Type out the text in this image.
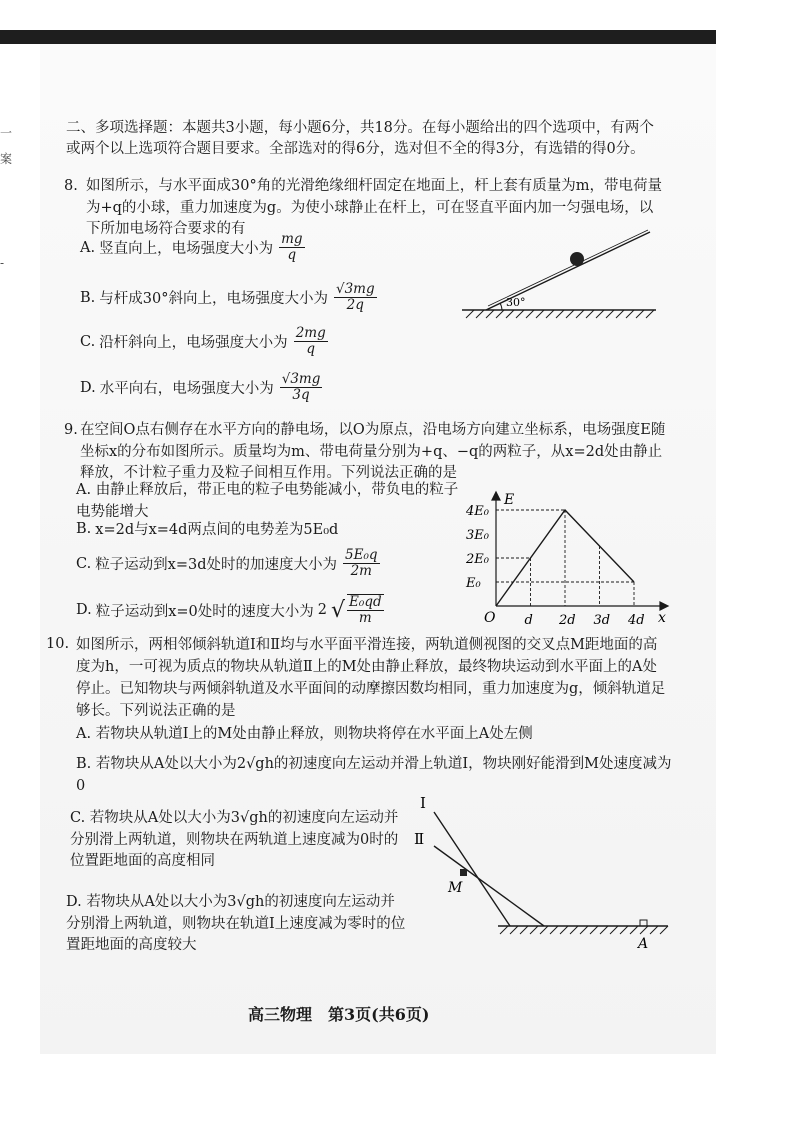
一
案

-
二、多项选择题：本题共3小题，每小题6分，共18分。在每小题给出的四个选项中，有两个或两个以上选项符合题目要求。全部选对的得6分，选对但不全的得3分，有选错的得0分。
8. 如图所示，与水平面成30°角的光滑绝缘细杆固定在地面上，杆上套有质量为m，带电荷量为+q的小球，重力加速度为g。为使小球静止在杆上，可在竖直平面内加一匀强电场，以下所加电场符合要求的有
A. 竖直向上，电场强度大小为 $\frac{mg}{q}$
B. 与杆成30°斜向上，电场强度大小为 $\frac{√3mg}{2q}$
C. 沿杆斜向上，电场强度大小为 $\frac{2mg}{q}$
D. 水平向右，电场强度大小为 $\frac{√3mg}{3q}$
30°
9. 在空间O点右侧存在水平方向的静电场，以O为原点，沿电场方向建立坐标系，电场强度E随坐标x的分布如图所示。质量均为m、带电荷量分别为+q、−q的两粒子，从x=2d处由静止释放，不计粒子重力及粒子间相互作用。下列说法正确的是
A. 由静止释放后，带正电的粒子电势能减小，带负电的粒子电势能增大
B. x=2d与x=4d两点间的电势差为5E₀d
C. 粒子运动到x=3d处时的加速度大小为 $\frac{\text{5E₀q}}{2m}$
D. 粒子运动到x=0处时的速度大小为 2 √ $\frac{\text{E₀qd}}{m}$
E
x
O
E₀
2E₀
3E₀
4E₀
d 2d 3d 4d
10. 如图所示，两相邻倾斜轨道Ⅰ和Ⅱ均与水平面平滑连接，两轨道侧视图的交叉点M距地面的高度为h，一可视为质点的物块从轨道Ⅱ上的M处由静止释放，最终物块运动到水平面上的A处停止。已知物块与两倾斜轨道及水平面间的动摩擦因数均相同，重力加速度为g，倾斜轨道足够长。下列说法正确的是
A. 若物块从轨道Ⅰ上的M处由静止释放，则物块将停在水平面上A处左侧
B. 若物块从A处以大小为2√gh的初速度向左运动并滑上轨道Ⅰ，物块刚好能滑到M处速度减为0
C. 若物块从A处以大小为3√gh的初速度向左运动并分别滑上两轨道，则物块在两轨道上速度减为0时的位置距地面的高度相同
D. 若物块从A处以大小为3√gh的初速度向左运动并分别滑上两轨道，则物块在轨道Ⅰ上速度减为零时的位置距地面的高度较大
Ⅰ
Ⅱ
M
A
高三物理　第3页(共6页)
